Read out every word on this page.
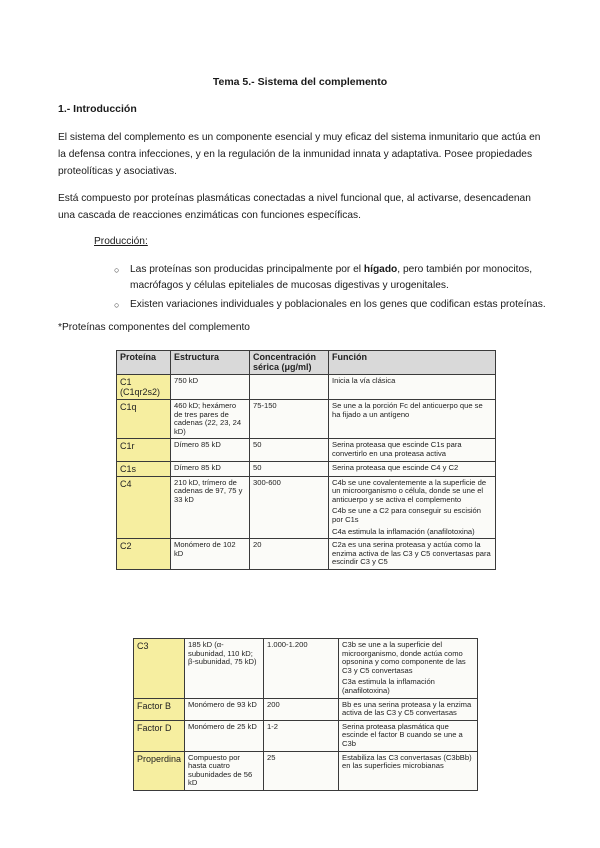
Tema 5.- Sistema del complemento
1.- Introducción
El sistema del complemento es un componente esencial y muy eficaz del sistema inmunitario que actúa en la defensa contra infecciones, y en la regulación de la inmunidad innata y adaptativa. Posee propiedades proteolíticas y asociativas.
Está compuesto por proteínas plasmáticas conectadas a nivel funcional que, al activarse, desencadenan una cascada de reacciones enzimáticas con funciones específicas.
Producción:
○ Las proteínas son producidas principalmente por el hígado, pero también por monocitos, macrófagos y células epiteliales de mucosas digestivas y urogenitales.
○ Existen variaciones individuales y poblacionales en los genes que codifican estas proteínas.
*Proteínas componentes del complemento
Proteína	Estructura	Concentración sérica (μg/ml)	Función
C1 (C1qr2s2)	750 kD		Inicia la vía clásica
C1q	460 kD; hexámero de tres pares de cadenas (22, 23, 24 kD)	75-150	Se une a la porción Fc del anticuerpo que se ha fijado a un antígeno
C1r	Dímero 85 kD	50	Serina proteasa que escinde C1s para convertirlo en una proteasa activa
C1s	Dímero 85 kD	50	Serina proteasa que escinde C4 y C2
C4	210 kD, trímero de cadenas de 97, 75 y 33 kD	300-600	C4b se une covalentemente a la superficie de un microorganismo o célula, donde se une el anticuerpo y se activa el complemento
C4b se une a C2 para conseguir su escisión por C1s
C4a estimula la inflamación (anafilotoxina)

C2	Monómero de 102 kD	20	C2a es una serina proteasa y actúa como la enzima activa de las C3 y C5 convertasas para escindir C3 y C5
C3	185 kD (α-subunidad, 110 kD; β-subunidad, 75 kD)	1.000-1.200	C3b se une a la superficie del microorganismo, donde actúa como opsonina y como componente de las C3 y C5 convertasas
C3a estimula la inflamación (anafilotoxina)

Factor B	Monómero de 93 kD	200	Bb es una serina proteasa y la enzima activa de las C3 y C5 convertasas
Factor D	Monómero de 25 kD	1-2	Serina proteasa plasmática que escinde el factor B cuando se une a C3b
Properdina	Compuesto por hasta cuatro subunidades de 56 kD	25	Estabiliza las C3 convertasas (C3bBb) en las superficies microbianas
